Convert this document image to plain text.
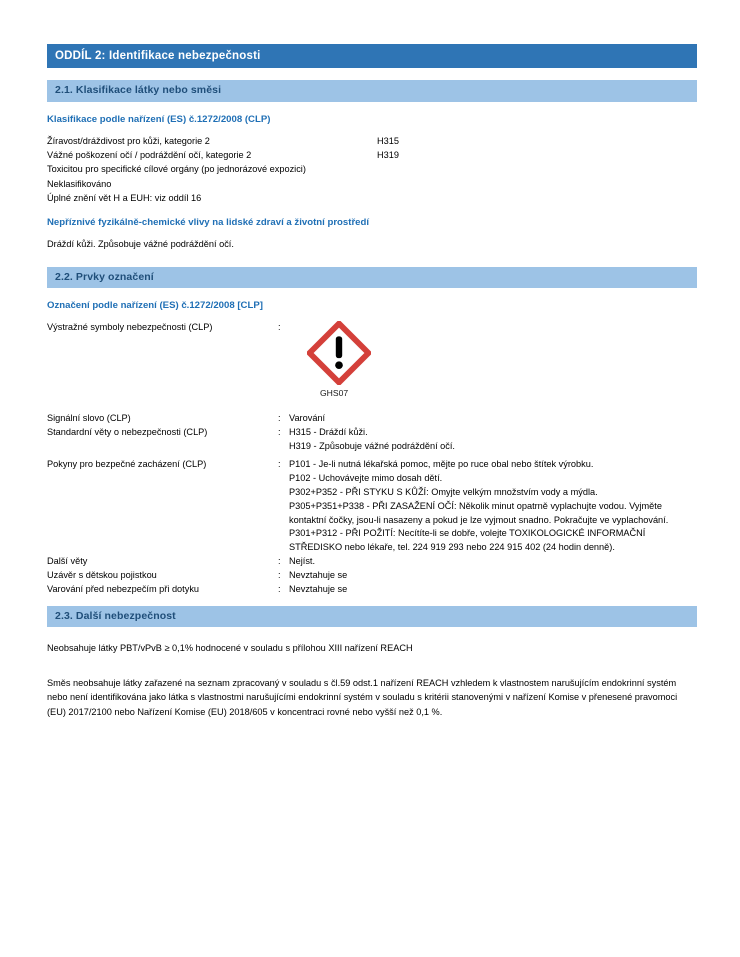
ODDÍL 2: Identifikace nebezpečnosti
2.1. Klasifikace látky nebo směsi
Klasifikace podle nařízení (ES) č.1272/2008 (CLP)
Žíravost/dráždivost pro kůži, kategorie 2	H315
Vážné poškození očí / podráždění očí, kategorie 2	H319
Toxicitou pro specifické cílové orgány (po jednorázové expozici)
Neklasifikováno
Úplné znění vět H a EUH: viz oddíl 16
Nepříznivé fyzikálně-chemické vlivy na lidské zdraví a životní prostředí
Dráždí kůži. Způsobuje vážné podráždění očí.
2.2. Prvky označení
Označení podle nařízení (ES) č.1272/2008 [CLP]
Výstražné symboly nebezpečnosti (CLP)	:
GHS07
Signální slovo (CLP)	: Varování

Standardní věty o nebezpečnosti (CLP)	: H315 - Dráždí kůži.

H319 - Způsobuje vážné podráždění očí.

Pokyny pro bezpečné zacházení (CLP)	: P101 - Je-li nutná lékařská pomoc, mějte po ruce obal nebo štítek výrobku.

P102 - Uchovávejte mimo dosah dětí.

P302+P352 - PŘI STYKU S KŮŽÍ: Omyjte velkým množstvím vody a mýdla.

P305+P351+P338 - PŘI ZASAŽENÍ OČÍ: Několik minut opatrně vyplachujte vodou. Vyjměte kontaktní čočky, jsou-li nasazeny a pokud je lze vyjmout snadno. Pokračujte ve vyplachování.

P301+P312 - PŘI POŽITÍ: Necítíte-li se dobře, volejte TOXIKOLOGICKÉ INFORMAČNÍ STŘEDISKO nebo lékaře, tel. 224 919 293 nebo 224 915 402 (24 hodin denně).

Další věty	: Nejíst.

Uzávěr s dětskou pojistkou	: Nevztahuje se

Varování před nebezpečím při dotyku	: Nevztahuje se

2.3. Další nebezpečnost

Neobsahuje látky PBT/vPvB ≥ 0,1% hodnocené v souladu s přílohou XIII nařízení REACH

Směs neobsahuje látky zařazené na seznam zpracovaný v souladu s čl.59 odst.1 nařízení REACH vzhledem k vlastnostem narušujícím endokrinní systém nebo není identifikována jako látka s vlastnostmi narušujícími endokrinní systém v souladu s kritérii stanovenými v nařízení Komise v přenesené pravomoci (EU) 2017/2100 nebo Nařízení Komise (EU) 2018/605 v koncentraci rovné nebo vyšší než 0,1 %.
